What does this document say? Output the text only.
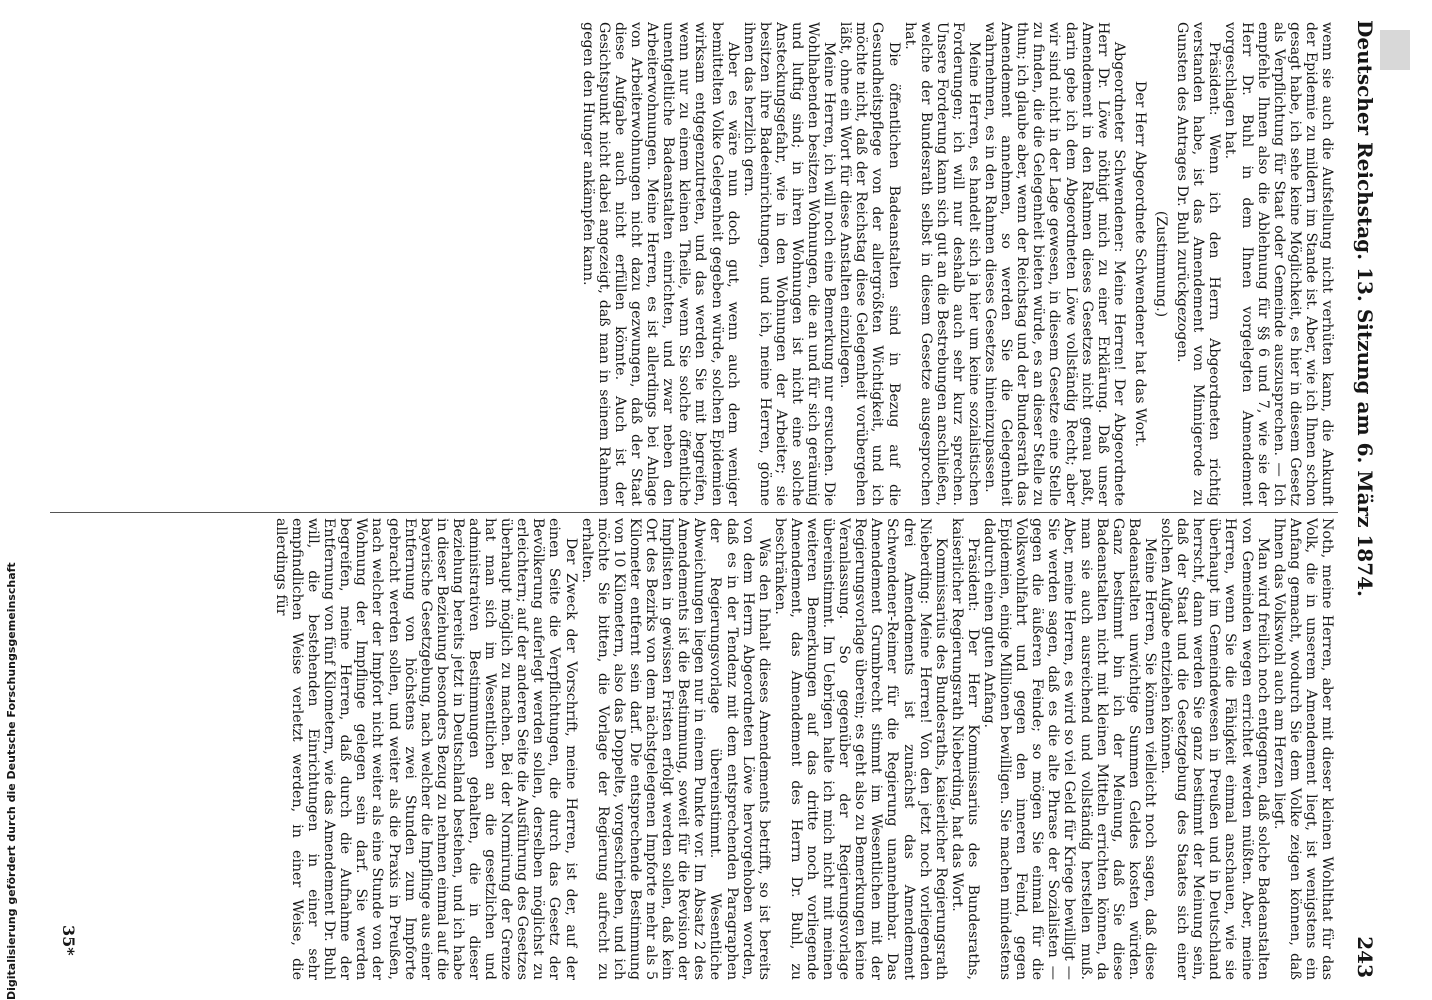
Deutscher Reichstag. 13. Sitzung am 6. März 1874.
243

wenn sie auch die Aufstellung nicht verhüten kann, die Ankunft der Epidemie zu mildern im Stande ist. Aber, wie ich Ihnen schon gesagt habe, ich sehe keine Möglichkeit, es hier in diesem Gesetz als Verpflichtung für Staat oder Gemeinde auszusprechen. — Ich empfehle Ihnen also die Ablehnung für §§ 6 und 7, wie sie der Herr Dr. Buhl in dem Ihnen vorgelegten Amendement vorgeschlagen hat.

Präsident: Wenn ich den Herrn Abgeordneten richtig verstanden habe, ist das Amendement von Minnigerode zu Gunsten des Antrages Dr. Buhl zurückgezogen.

(Zustimmung.)

Der Herr Abgeordnete Schwendener hat das Wort.

Abgeordneter Schwendener: Meine Herren! Der Abgeordnete Herr Dr. Löwe nöthigt mich zu einer Erklärung. Daß unser Amendement in den Rahmen dieses Gesetzes nicht genau paßt, darin gebe ich dem Abgeordneten Löwe vollständig Recht; aber wir sind nicht in der Lage gewesen, in diesem Gesetze eine Stelle zu finden, die die Gelegenheit bieten würde, es an dieser Stelle zu thun; ich glaube aber, wenn der Reichstag und der Bundesrath das Amendement annehmen, so werden Sie die Gelegenheit wahrnehmen, es in den Rahmen dieses Gesetzes hineinzupassen.

Meine Herren, es handelt sich ja hier um keine sozialistischen Forderungen; ich will nur deshalb auch sehr kurz sprechen. Unsere Forderung kann sich gut an die Bestrebungen anschließen, welche der Bundesrath selbst in diesem Gesetze ausgesprochen hat.

Die öffentlichen Badeanstalten sind in Bezug auf die Gesundheitspflege von der allergrößten Wichtigkeit, und ich möchte nicht, daß der Reichstag diese Gelegenheit vorübergehen läßt, ohne ein Wort für diese Anstalten einzulegen.

Meine Herren, ich will noch eine Bemerkung nur ersuchen. Die Wohlhabenden besitzen Wohnungen, die an und für sich geräumig und luftig sind; in ihren Wohnungen ist nicht eine solche Ansteckungsgefahr, wie in den Wohnungen der Arbeiter; sie besitzen ihre Badeeinrichtungen, und ich, meine Herren, gönne ihnen das herzlich gern.

Aber es wäre nun doch gut, wenn auch dem weniger bemittelten Volke Gelegenheit gegeben würde, solchen Epidemien wirksam entgegenzutreten, und das werden Sie mit begreifen, wenn nur zu einem kleinen Theile, wenn Sie solche öffentliche unentgeltliche Badeanstalten einrichten, und zwar neben den Arbeiterwohnungen. Meine Herren, es ist allerdings bei Anlage von Arbeiterwohnungen nicht dazu gezwungen, daß der Staat diese Aufgabe auch nicht erfüllen könnte. Auch ist der Gesichtspunkt nicht dabei angezeigt, daß man in seinem Rahmen gegen den Hunger ankämpfen kann.

Noth, meine Herren, aber mit dieser kleinen Wohlthat für das Volk, die in unserem Amendement liegt, ist wenigstens ein Anfang gemacht, wodurch Sie dem Volke zeigen können, daß Ihnen das Volkswohl auch am Herzen liegt.

Man wird freilich noch entgegnen, daß solche Badeanstalten von Gemeinden wegen errichtet werden müßten. Aber, meine Herren, wenn Sie die Fähigkeit einmal anschauen, wie sie überhaupt im Gemeindewesen in Preußen und in Deutschland herrscht, dann werden Sie ganz bestimmt der Meinung sein, daß der Staat und die Gesetzgebung des Staates sich einer solchen Aufgabe entziehen können.

Meine Herren, Sie können vielleicht noch sagen, daß diese Badeanstalten unwichtige Summen Geldes kosten würden. Ganz bestimmt bin ich der Meinung, daß Sie diese Badeanstalten nicht mit kleinen Mitteln errichten können, da man sie auch ausreichend und vollständig herstellen muß. Aber, meine Herren, es wird so viel Geld für Kriege bewilligt — Sie werden sagen, daß es die alte Phrase der Sozialisten — gegen die äußeren Feinde; so mögen Sie einmal für die Volkswohlfahrt und gegen den inneren Feind, gegen Epidemien, einige Millionen bewilligen. Sie machen mindestens dadurch einen guten Anfang.

Präsident: Der Herr Kommissarius des Bundesraths, kaiserlicher Regierungsrath Nieberding, hat das Wort.

Kommissarius des Bundesraths, kaiserlicher Regierungsrath Nieberding: Meine Herren! Von den jetzt noch vorliegenden drei Amendements ist zunächst das Amendement Schwendener-Reimer für die Regierung unannehmbar. Das Amendement Grumbrecht stimmt im Wesentlichen mit der Regierungsvorlage überein; es geht also zu Bemerkungen keine Veranlassung. So gegenüber der Regierungsvorlage übereinstimmt. Im Uebrigen halte ich mich nicht mit meinen weiteren Bemerkungen auf das dritte noch vorliegende Amendement, das Amendement des Herrn Dr. Buhl, zu beschränken.

Was den Inhalt dieses Amendements betrifft, so ist bereits von dem Herrn Abgeordneten Löwe hervorgehoben worden, daß es in der Tendenz mit dem entsprechenden Paragraphen der Regierungsvorlage übereinstimmt. Wesentliche Abweichungen liegen nur in einem Punkte vor. Im Absatz 2 des Amendements ist die Bestimmung, soweit für die Revision der Impflisten in gewissen Fristen erfolgt werden sollen, daß kein Ort des Bezirks von dem nächstgelegenen Impforte mehr als 5 Kilometer entfernt sein darf. Die entsprechende Bestimmung von 10 Kilometern, also das Doppelte, vorgeschrieben, und ich möchte Sie bitten, die Vorlage der Regierung aufrecht zu erhalten.

Der Zweck der Vorschrift, meine Herren, ist der, auf der einen Seite die Verpflichtungen, die durch das Gesetz der Bevölkerung auferlegt werden sollen, derselben möglichst zu erleichtern; auf der anderen Seite die Ausführung des Gesetzes überhaupt möglich zu machen. Bei der Normirung der Grenze hat man sich im Wesentlichen an die gesetzlichen und administrativen Bestimmungen gehalten, die in dieser Beziehung bereits jetzt in Deutschland bestehen, und ich habe in dieser Beziehung besonders Bezug zu nehmen einmal auf die bayerische Gesetzgebung, nach welcher die Impflinge aus einer Entfernung von höchstens zwei Stunden zum Impforte gebracht werden sollen, und weiter als die Praxis in Preußen, nach welcher der Impfort nicht weiter als eine Stunde von der Wohnung der Impflinge gelegen sein darf. Sie werden begreifen, meine Herren, daß durch die Aufnahme der Entfernung von fünf Kilometern, wie das Amendement Dr. Buhl will, die bestehenden Einrichtungen in einer sehr empfindlichen Weise verletzt werden, in einer Weise, die allerdings für

35*
Digitalisierung gefördert durch die Deutsche Forschungsgemeinschaft
